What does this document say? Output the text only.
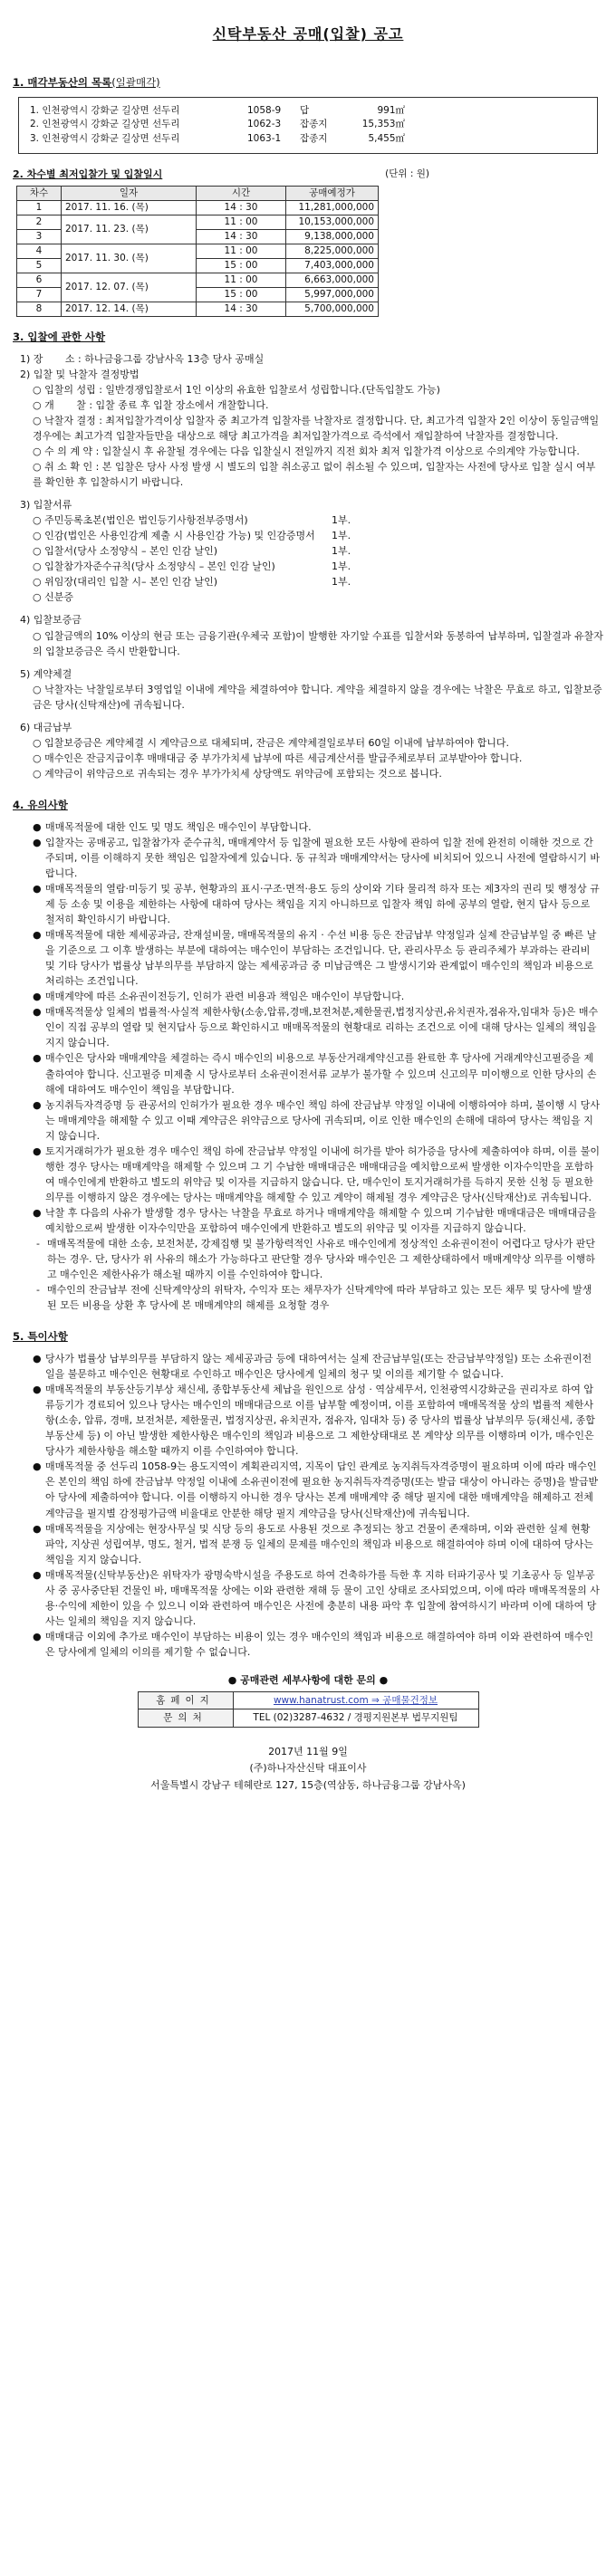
신탁부동산 공매(입찰) 공고
1. 매각부동산의 목록(일괄매각)
1. 인천광역시 강화군 길상면 선두리	1058-9	답	991㎡
2. 인천광역시 강화군 길상면 선두리	1062-3	잡종지	15,353㎡
3. 인천광역시 강화군 길상면 선두리	1063-1	잡종지	5,455㎡
2. 차수별 최저입찰가 및 입찰일시	(단위 : 원)
차수	일자	시간	공매예정가
1	2017. 11. 16. (목)	14 : 30	11,281,000,000
2	2017. 11. 23. (목)	11 : 00	10,153,000,000
3		14 : 30	9,138,000,000
4	2017. 11. 30. (목)	11 : 00	8,225,000,000
5		15 : 00	7,403,000,000
6	2017. 12. 07. (목)	11 : 00	6,663,000,000
7		15 : 00	5,997,000,000
8	2017. 12. 14. (목)	14 : 30	5,700,000,000
3. 입찰에 관한 사항
1) 장       소 : 하나금융그룹 강남사옥 13층 당사 공매실
2) 입찰 및 낙찰자 결정방법
○ 입찰의 성립 : 일반경쟁입찰로서 1인 이상의 유효한 입찰로서 성립합니다.(단독입찰도 가능)
○ 개       찰 : 입찰 종료 후 입찰 장소에서 개찰합니다.
○ 낙찰자 결정 : 최저입찰가격이상 입찰자 중 최고가격 입찰자를 낙찰자로 결정합니다. 단, 최고가격 입찰자 2인 이상이 동일금액일 경우에는 최고가격 입찰자들만을 대상으로 해당 최고가격을 최저입찰가격으로 즉석에서 재입찰하여 낙찰자를 결정합니다.
○ 수 의 계 약 : 입찰실시 후 유찰될 경우에는 다음 입찰실시 전일까지 직전 회차 최저 입찰가격 이상으로 수의계약 가능합니다.
○ 취 소 확 인 : 본 입찰은 당사 사정 발생 시 별도의 입찰 취소공고 없이 취소될 수 있으며, 입찰자는 사전에 당사로 입찰 실시 여부를 확인한 후 입찰하시기 바랍니다.
3) 입찰서류
○ 주민등록초본(법인은 법인등기사항전부증명서)	1부.
○ 인감(법인은 사용인감계 제출 시 사용인감 가능) 및 인감증명서	1부.
○ 입찰서(당사 소정양식 – 본인 인감 날인)	1부.
○ 입찰참가자준수규칙(당사 소정양식 – 본인 인감 날인)	1부.
○ 위임장(대리인 입찰 시– 본인 인감 날인)	1부.
○ 신분증
4) 입찰보증금
○ 입찰금액의 10% 이상의 현금 또는 금융기관(우체국 포함)이 발행한 자기앞 수표를 입찰서와 동봉하여 납부하며, 입찰결과 유찰자의 입찰보증금은 즉시 반환합니다.
5) 계약체결
○ 낙찰자는 낙찰일로부터 3영업일 이내에 계약을 체결하여야 합니다. 계약을 체결하지 않을 경우에는 낙찰은 무효로 하고, 입찰보증금은 당사(신탁재산)에 귀속됩니다.
6) 대금납부
○ 입찰보증금은 계약체결 시 계약금으로 대체되며, 잔금은 계약체결일로부터 60일 이내에 납부하여야 합니다.
○ 매수인은 잔금지급이후 매매대금 중 부가가치세 납부에 따른 세금계산서를 발급주체로부터 교부받아야 합니다.
○ 계약금이 위약금으로 귀속되는 경우 부가가치세 상당액도 위약금에 포함되는 것으로 봅니다.
4. 유의사항
● 매매목적물에 대한 인도 및 명도 책임은 매수인이 부담합니다.
● 입찰자는 공매공고, 입찰참가자 준수규칙, 매매계약서 등 입찰에 필요한 모든 사항에 관하여 입찰 전에 완전히 이해한 것으로 간주되며, 이를 이해하지 못한 책임은 입찰자에게 있습니다. 동 규칙과 매매계약서는 당사에 비치되어 있으니 사전에 열람하시기 바랍니다.
● 매매목적물의 열람·미등기 및 공부, 현황과의 표시·구조·면적·용도 등의 상이와 기타 물리적 하자 또는 제3자의 권리 및 행정상 규제 등 소송 및 이용을 제한하는 사항에 대하여 당사는 책임을 지지 아니하므로 입찰자 책임 하에 공부의 열람, 현지 답사 등으로 철저히 확인하시기 바랍니다.
● 매매목적물에 대한 제세공과금, 잔재설비물, 매매목적물의 유지 · 수선 비용 등은 잔금납부 약정일과 실제 잔금납부일 중 빠른 날을 기준으로 그 이후 발생하는 부분에 대하여는 매수인이 부담하는 조건입니다. 단, 관리사무소 등 관리주체가 부과하는 관리비 및 기타 당사가 법률상 납부의무를 부담하지 않는 제세공과금 중 미납금액은 그 발생시기와 관계없이 매수인의 책임과 비용으로 처리하는 조건입니다.
● 매매계약에 따른 소유권이전등기, 인허가 관련 비용과 책임은 매수인이 부담합니다.
● 매매목적물상 일체의 법률적·사실적 제한사항(소송,압류,경매,보전처분,제한물권,법정지상권,유치권자,점유자,임대차 등)은 매수인이 직접 공부의 열람 및 현지답사 등으로 확인하시고 매매목적물의 현황대로 리하는 조건으로 이에 대해 당사는 일체의 책임을 지지 않습니다.
● 매수인은 당사와 매매계약을 체결하는 즉시 매수인의 비용으로 부동산거래계약신고를 완료한 후 당사에 거래계약신고필증을 제출하여야 합니다. 신고필증 미제출 시 당사로부터 소유권이전서류 교부가 불가할 수 있으며 신고의무 미이행으로 인한 당사의 손해에 대하여도 매수인이 책임을 부담합니다.
● 농지취득자격증명 등 관공서의 인허가가 필요한 경우 매수인 책임 하에 잔금납부 약정일 이내에 이행하여야 하며, 불이행 시 당사는 매매계약을 해제할 수 있고 이때 계약금은 위약금으로 당사에 귀속되며, 이로 인한 매수인의 손해에 대하여 당사는 책임을 지지 않습니다.
● 토지거래허가가 필요한 경우 매수인 책임 하에 잔금납부 약정일 이내에 허가를 받아 허가증을 당사에 제출하여야 하며, 이를 불이행한 경우 당사는 매매계약을 해제할 수 있으며 그 기 수납한 매매대금은 매매대금을 예치함으로써 발생한 이자수익만을 포함하여 매수인에게 반환하고 별도의 위약금 및 이자를 지급하지 않습니다. 단, 매수인이 토지거래허가를 득하지 못한 신청 등 필요한 의무를 이행하지 않은 경우에는 당사는 매매계약을 해제할 수 있고 계약이 해제될 경우 계약금은 당사(신탁재산)로 귀속됩니다.
● 낙찰 후 다음의 사유가 발생할 경우 당사는 낙찰을 무효로 하거나 매매계약을 해제할 수 있으며 기수납한 매매대금은 매매대금을 예치함으로써 발생한 이자수익만을 포함하여 매수인에게 반환하고 별도의 위약금 및 이자를 지급하지 않습니다.
- 매매목적물에 대한 소송, 보전처분, 강제집행 및 불가항력적인 사유로 매수인에게 정상적인 소유권이전이 어렵다고 당사가 판단하는 경우. 단, 당사가 위 사유의 해소가 가능하다고 판단할 경우 당사와 매수인은 그 제한상태하에서 매매계약상 의무를 이행하고 매수인은 제한사유가 해소될 때까지 이를 수인하여야 합니다.
- 매수인의 잔금납부 전에 신탁계약상의 위탁자, 수익자 또는 채무자가 신탁계약에 따라 부담하고 있는 모든 채무 및 당사에 발생된 모든 비용을 상환 후 당사에 본 매매계약의 해제를 요청할 경우
5. 특이사항
● 당사가 법률상 납부의무를 부담하지 않는 제세공과금 등에 대하여서는 실제 잔금납부일(또는 잔금납부약정일) 또는 소유권이전일을 불문하고 매수인은 현황대로 수인하고 매수인은 당사에게 일체의 청구 및 이의를 제기할 수 없습니다.
● 매매목적물의 부동산등기부상 채신세, 종합부동산세 체납을 원인으로 삼성 · 역삼세무서, 인천광역시강화군을 권리자로 하여 압류등기가 경료되어 있으나 당사는 매수인의 매매대금으로 이를 납부할 예정이며, 이를 포함하여 매매목적물 상의 법률적 제한사항(소송, 압류, 경매, 보전처분, 제한물권, 법정지상권, 유치권자, 점유자, 임대차 등) 중 당사의 법률상 납부의무 등(채신세, 종합부동산세 등) 이 아닌 발생한 제한사항은 매수인의 책임과 비용으로 그 제한상태대로 본 계약상 의무를 이행하며 이가, 매수인은 당사가 제한사항을 해소할 때까지 이를 수인하여야 합니다.
● 매매목적물 중 선두리 1058-9는 용도지역이 계획관리지역, 지목이 답인 관계로 농지취득자격증명이 필요하며 이에 따라 매수인은 본인의 책임 하에 잔금납부 약정일 이내에 소유권이전에 필요한 농지취득자격증명(또는 발급 대상이 아니라는 증명)을 발급받아 당사에 제출하여야 합니다. 이를 이행하지 아니한 경우 당사는 본계 매매계약 중 해당 필지에 대한 매매계약을 해제하고 전체 계약금을 필지별 감정평가금액 비율대로 안분한 해당 필지 계약금을 당사(신탁재산)에 귀속됩니다.
● 매매목적물을 지상에는 현장사무실 및 식당 등의 용도로 사용된 것으로 추정되는 창고 건물이 존재하며, 이와 관련한 실제 현황 파악, 지상권 성립여부, 명도, 철거, 법적 분쟁 등 일체의 문제를 매수인의 책임과 비용으로 해결하여야 하며 이에 대하여 당사는 책임을 지지 않습니다.
● 매매목적물(신탁부동산)은 위탁자가 광명숙박시설을 주용도로 하여 건축하가를 득한 후 지하 터파기공사 및 기초공사 등 일부공사 중 공사중단된 건물인 바, 매매목적물 상에는 이와 관련한 재해 등 물이 고인 상태로 조사되었으며, 이에 따라 매매목적물의 사용·수익에 제한이 있을 수 있으니 이와 관련하여 매수인은 사전에 충분히 내용 파악 후 입찰에 참여하시기 바라며 이에 대하여 당사는 일체의 책임을 지지 않습니다.
● 매매대금 이외에 추가로 매수인이 부담하는 비용이 있는 경우 매수인의 책임과 비용으로 해결하여야 하며 이와 관련하여 매수인은 당사에게 일체의 이의를 제기할 수 없습니다.
● 공매관련 세부사항에 대한 문의 ●
홈페이지	www.hanatrust.com ⇒ 공매물건정보
문의처	TEL (02)3287-4632 / 경평지원본부 법무지원팀
2017년 11월 9일
(주)하나자산신탁 대표이사
서울특별시 강남구 테헤란로 127, 15층(역삼동, 하나금융그룹 강남사옥)
